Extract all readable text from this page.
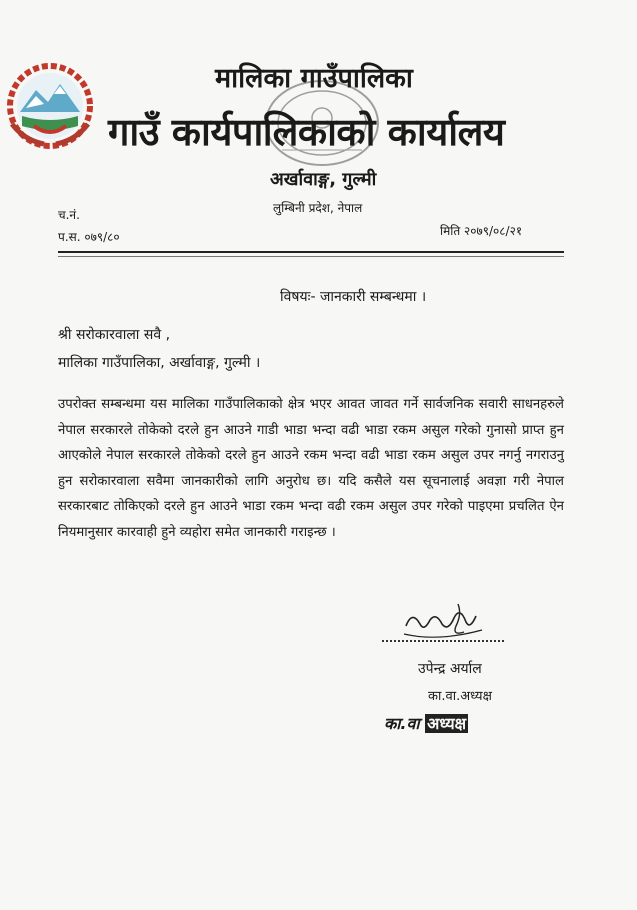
मालिका गाउँपालिका
गाउँ कार्यपालिकाको कार्यालय
अर्खावाङ्ग, गुल्मी
लुम्बिनी प्रदेश, नेपाल
च.नं.
प.स. ०७९/८०	मिति २०७९/०८/२१
विषयः- जानकारी सम्बन्धमा ।
श्री सरोकारवाला सवै ,
मालिका गाउँपालिका, अर्खावाङ्ग, गुल्मी ।
उपरोक्त सम्बन्धमा यस मालिका गाउँपालिकाको क्षेत्र भएर आवत जावत गर्ने सार्वजनिक सवारी साधनहरुले नेपाल सरकारले तोकेको दरले हुन आउने गाडी भाडा भन्दा वढी भाडा रकम असुल गरेको गुनासो प्राप्त हुन आएकोले नेपाल सरकारले तोकेको दरले हुन आउने रकम भन्दा वढी भाडा रकम असुल उपर नगर्नु नगराउनु हुन सरोकारवाला सवैमा जानकारीको लागि अनुरोध छ। यदि कसैले यस सूचनालाई अवज्ञा गरी नेपाल सरकारबाट तोकिएको दरले हुन आउने भाडा रकम भन्दा वढी रकम असुल उपर गरेको पाइएमा प्रचलित ऐन नियमानुसार कारवाही हुने व्यहोरा समेत जानकारी गराइन्छ ।
उपेन्द्र अर्याल
का.वा.अध्यक्ष
का.वा अध्यक्ष
